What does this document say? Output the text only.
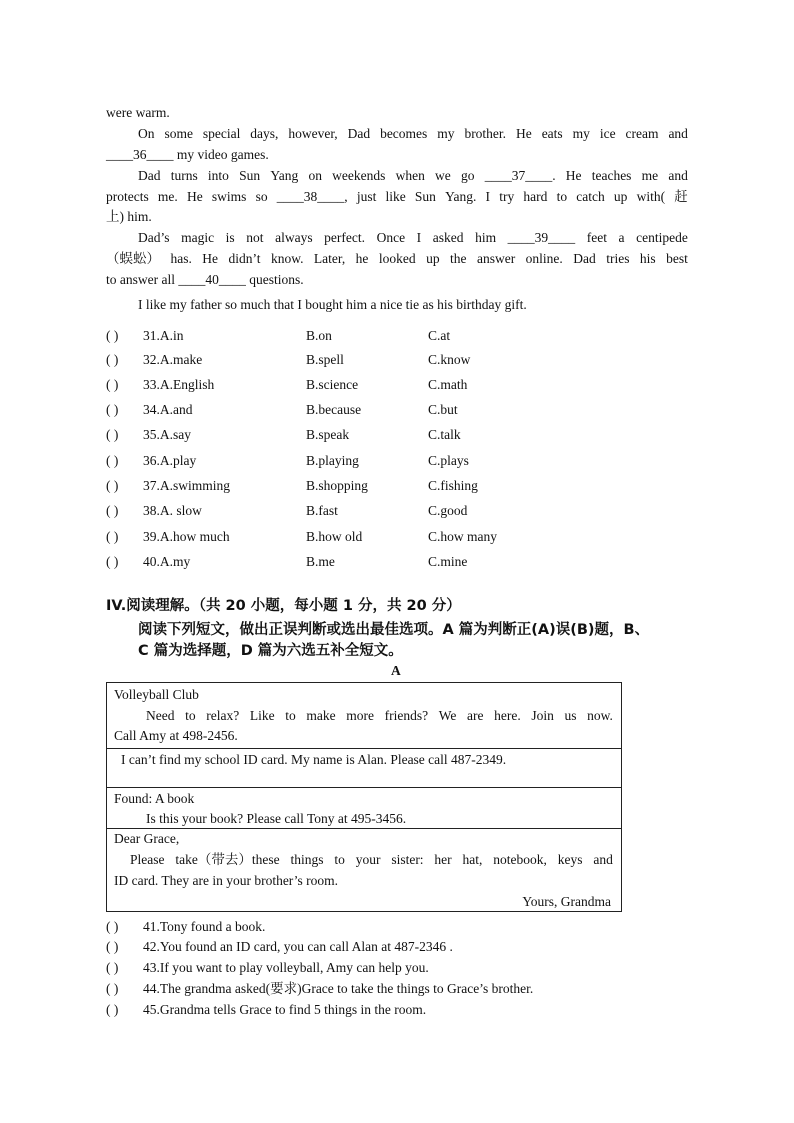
were warm.
On some special days, however, Dad becomes my brother. He eats my ice cream and
____36____ my video games.
Dad turns into Sun Yang on weekends when we go ____37____. He teaches me and
protects me. He swims so ____38____, just like Sun Yang. I try hard to catch up with( 赶
上) him.
Dad’s magic is not always perfect. Once I asked him ____39____ feet a centipede
（蜈蚣） has. He didn’t know. Later, he looked up the answer online. Dad tries his best
to answer all ____40____ questions.
I like my father so much that I bought him a nice tie as his birthday gift.
( ) 31.A.in	B.on	C.at
( ) 32.A.make	B.spell	C.know
( ) 33.A.English	B.science	C.math
( ) 34.A.and	B.because	C.but
( ) 35.A.say	B.speak	C.talk
( ) 36.A.play	B.playing	C.plays
( ) 37.A.swimming	B.shopping	C.fishing
( ) 38.A. slow	B.fast	C.good
( ) 39.A.how much	B.how old	C.how many
( ) 40.A.my	B.me	C.mine
IV.阅读理解。（共 20 小题，每小题 1 分，共 20 分）
阅读下列短文，做出正误判断或选出最佳选项。A 篇为判断正(A)误(B)题，B、
C 篇为选择题，D 篇为六选五补全短文。
A
Volleyball Club
Need to relax? Like to make more friends? We are here. Join us now.
Call Amy at 498-2456.
I can’t find my school ID card. My name is Alan. Please call 487-2349.
Found: A book
Is this your book? Please call Tony at 495-3456.
Dear Grace,
Please take（带去）these things to your sister: her hat, notebook, keys and
ID card. They are in your brother’s room.
Yours, Grandma
( ) 41.Tony found a book.
( ) 42.You found an ID card, you can call Alan at 487-2346 .
( ) 43.If you want to play volleyball, Amy can help you.
( ) 44.The grandma asked(要求)Grace to take the things to Grace’s brother.
( ) 45.Grandma tells Grace to find 5 things in the room.
